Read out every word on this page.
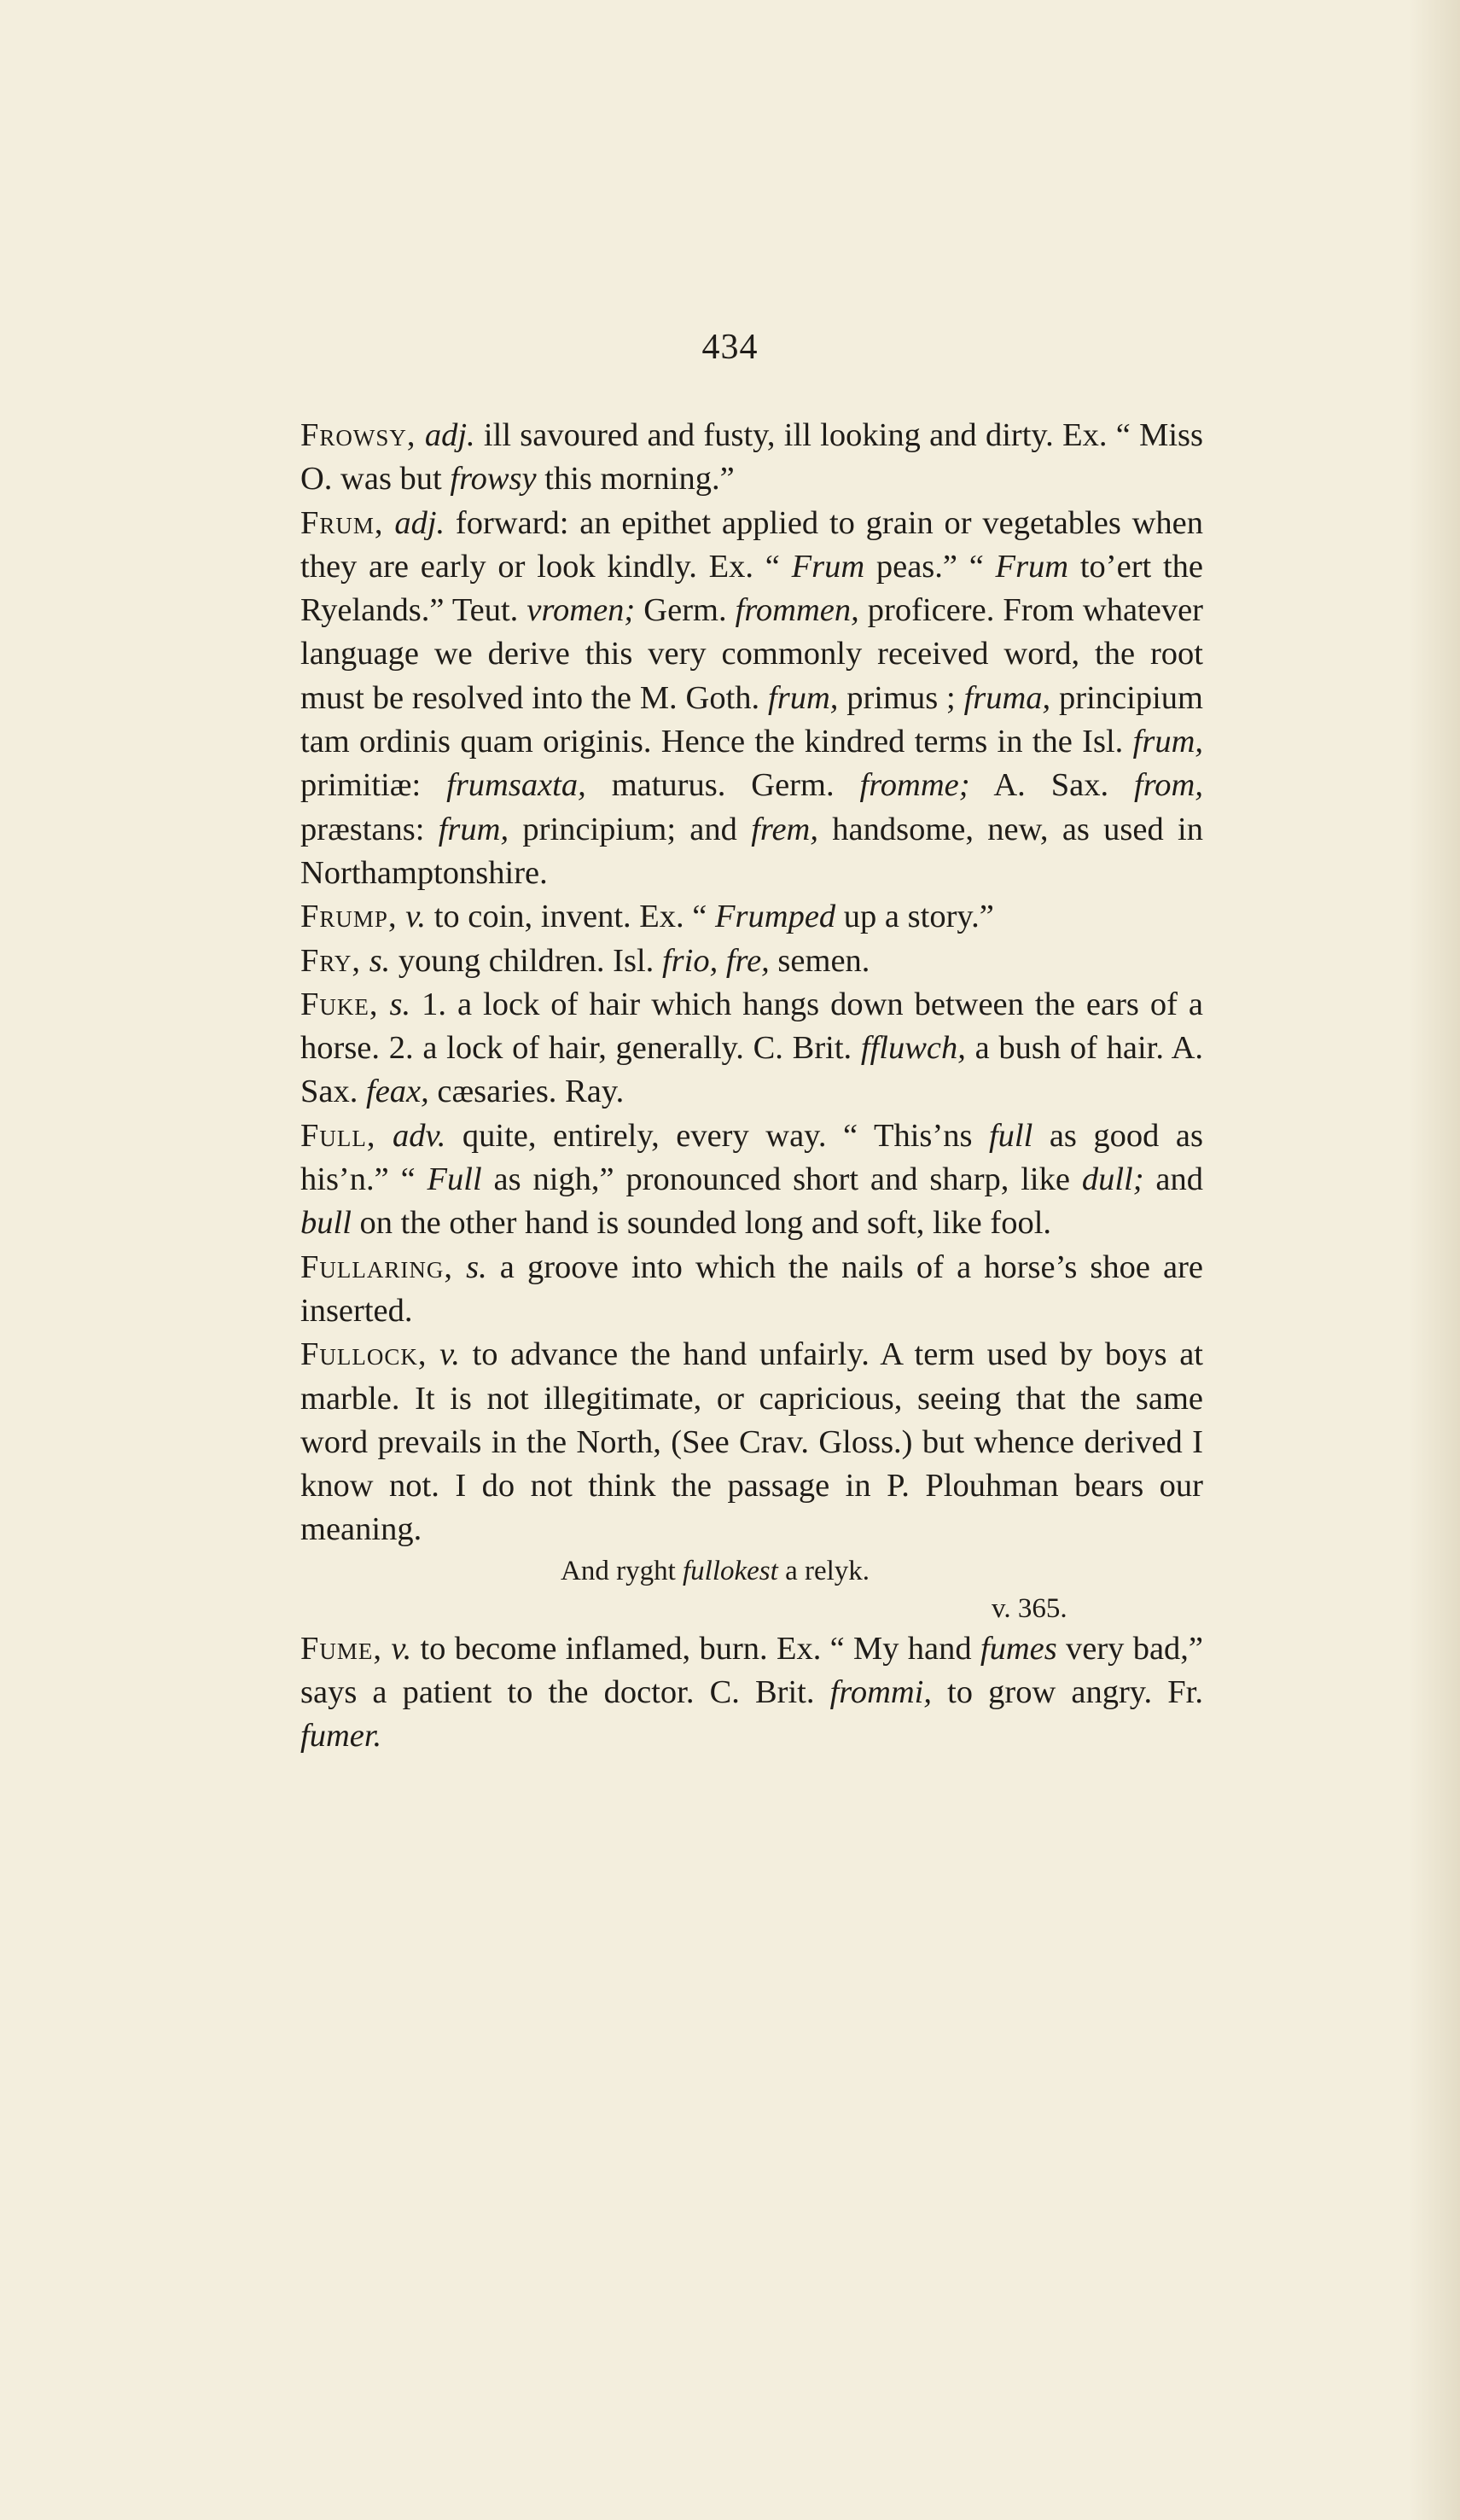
434

Frowsy, adj. ill savoured and fusty, ill looking and dirty. Ex. “ Miss O. was but frowsy this morning.”

Frum, adj. forward: an epithet applied to grain or vegetables when they are early or look kindly. Ex. “ Frum peas.” “ Frum to’ert the Ryelands.” Teut. vromen; Germ. frommen, proficere. From whatever language we derive this very commonly received word, the root must be resolved into the M. Goth. frum, primus ; fruma, principium tam ordinis quam originis. Hence the kindred terms in the Isl. frum, primitiæ: frumsaxta, maturus. Germ. fromme; A. Sax. from, præstans: frum, principium; and frem, handsome, new, as used in Northamptonshire.

Frump, v. to coin, invent. Ex. “ Frumped up a story.”

Fry, s. young children. Isl. frio, fre, semen.

Fuke, s. 1. a lock of hair which hangs down between the ears of a horse. 2. a lock of hair, generally. C. Brit. ffluwch, a bush of hair. A. Sax. feax, cæsaries. Ray.

Full, adv. quite, entirely, every way. “ This’ns full as good as his’n.” “ Full as nigh,” pronounced short and sharp, like dull; and bull on the other hand is sounded long and soft, like fool.

Fullaring, s. a groove into which the nails of a horse’s shoe are inserted.

Fullock, v. to advance the hand unfairly. A term used by boys at marble. It is not illegitimate, or capricious, seeing that the same word prevails in the North, (See Crav. Gloss.) but whence derived I know not. I do not think the passage in P. Plouhman bears our meaning.

And ryght fullokest a relyk.

v. 365.

Fume, v. to become inflamed, burn. Ex. “ My hand fumes very bad,” says a patient to the doctor. C. Brit. frommi, to grow angry. Fr. fumer.
